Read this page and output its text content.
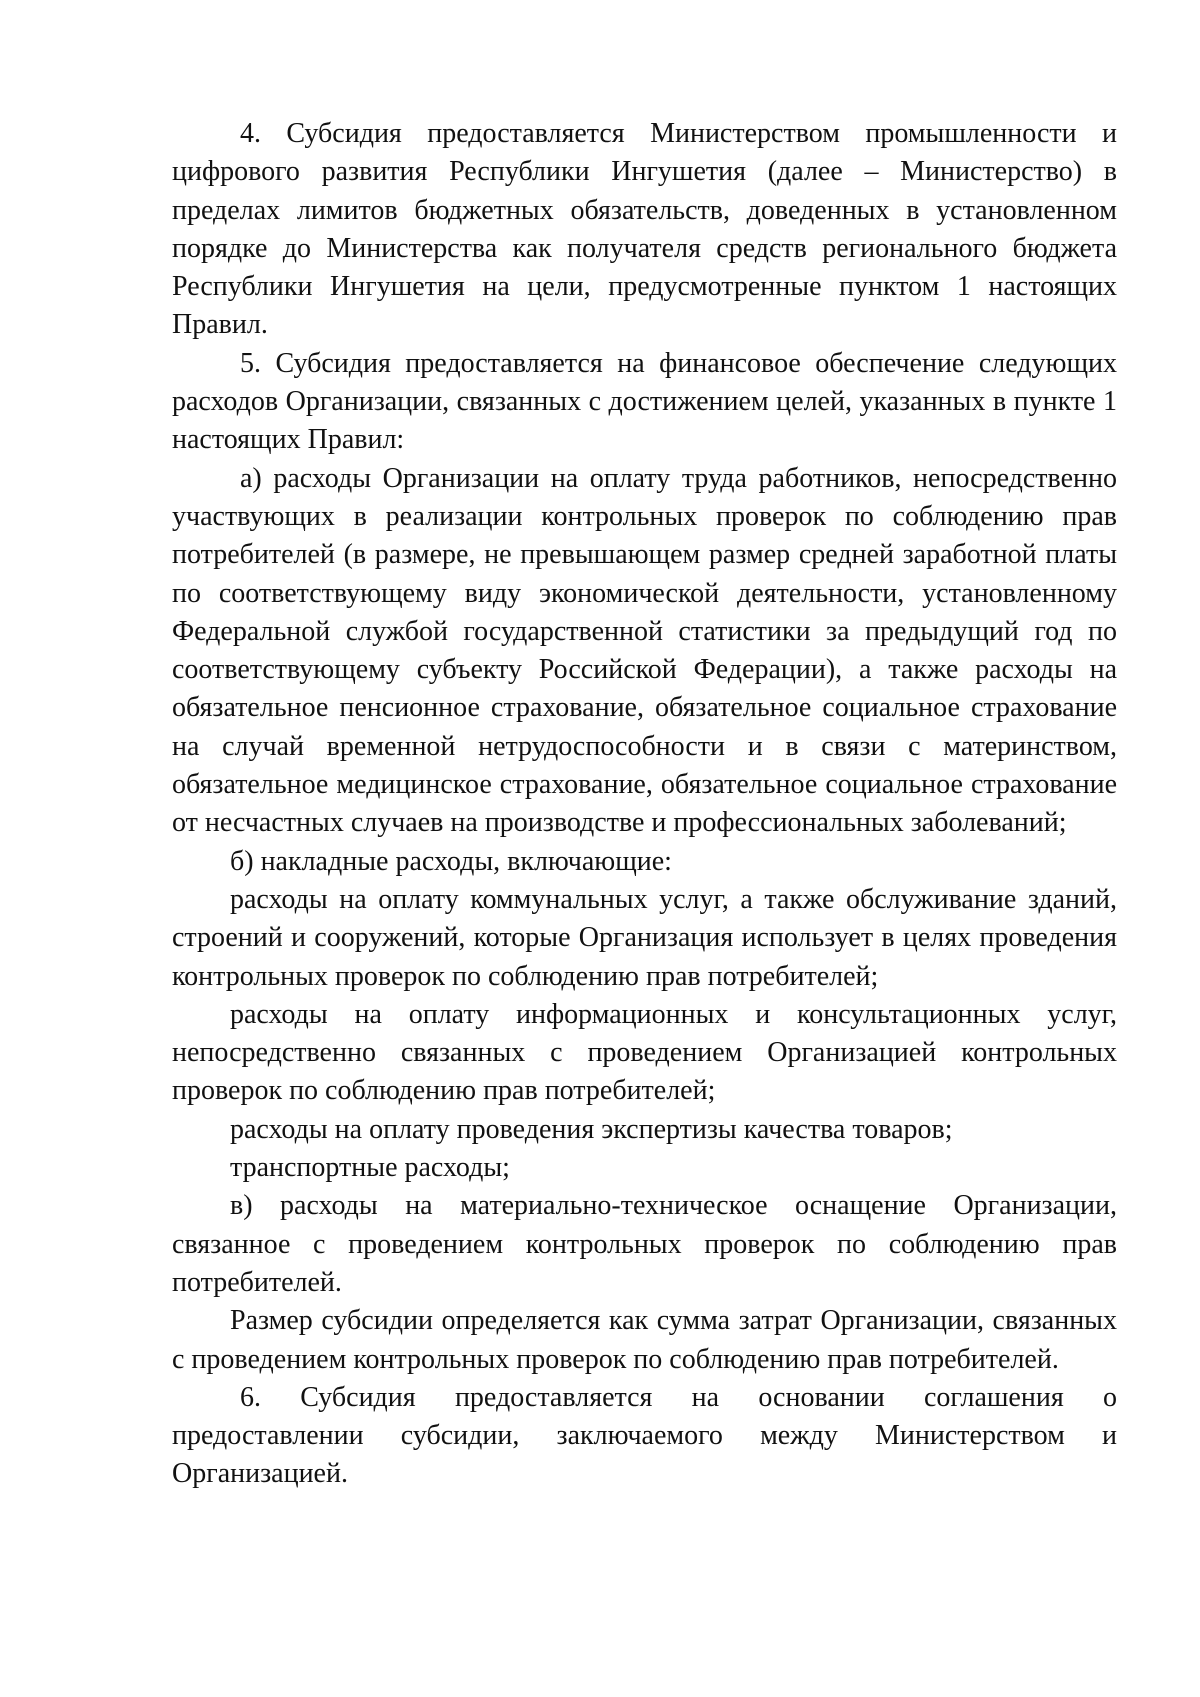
4. Субсидия предоставляется Министерством промышленности и цифрового развития Республики Ингушетия (далее – Министерство) в пределах лимитов бюджетных обязательств, доведенных в установленном порядке до Министерства как получателя средств регионального бюджета Республики Ингушетия на цели, предусмотренные пунктом 1 настоящих Правил.

5. Субсидия предоставляется на финансовое обеспечение следующих расходов Организации, связанных с достижением целей, указанных в пункте 1 настоящих Правил:

а) расходы Организации на оплату труда работников, непосредственно участвующих в реализации контрольных проверок по соблюдению прав потребителей (в размере, не превышающем размер средней заработной платы по соответствующему виду экономической деятельности, установленному Федеральной службой государственной статистики за предыдущий год по соответствующему субъекту Российской Федерации), а также расходы на обязательное пенсионное страхование, обязательное социальное страхование на случай временной нетрудоспособности и в связи с материнством, обязательное медицинское страхование, обязательное социальное страхование от несчастных случаев на производстве и профессиональных заболеваний;

б) накладные расходы, включающие:

расходы на оплату коммунальных услуг, а также обслуживание зданий, строений и сооружений, которые Организация использует в целях проведения контрольных проверок по соблюдению прав потребителей;

расходы на оплату информационных и консультационных услуг, непосредственно связанных с проведением Организацией контрольных проверок по соблюдению прав потребителей;

расходы на оплату проведения экспертизы качества товаров;

транспортные расходы;

в) расходы на материально-техническое оснащение Организации, связанное с проведением контрольных проверок по соблюдению прав потребителей.

Размер субсидии определяется как сумма затрат Организации, связанных с проведением контрольных проверок по соблюдению прав потребителей.

6. Субсидия предоставляется на основании соглашения о предоставлении субсидии, заключаемого между Министерством и Организацией.
